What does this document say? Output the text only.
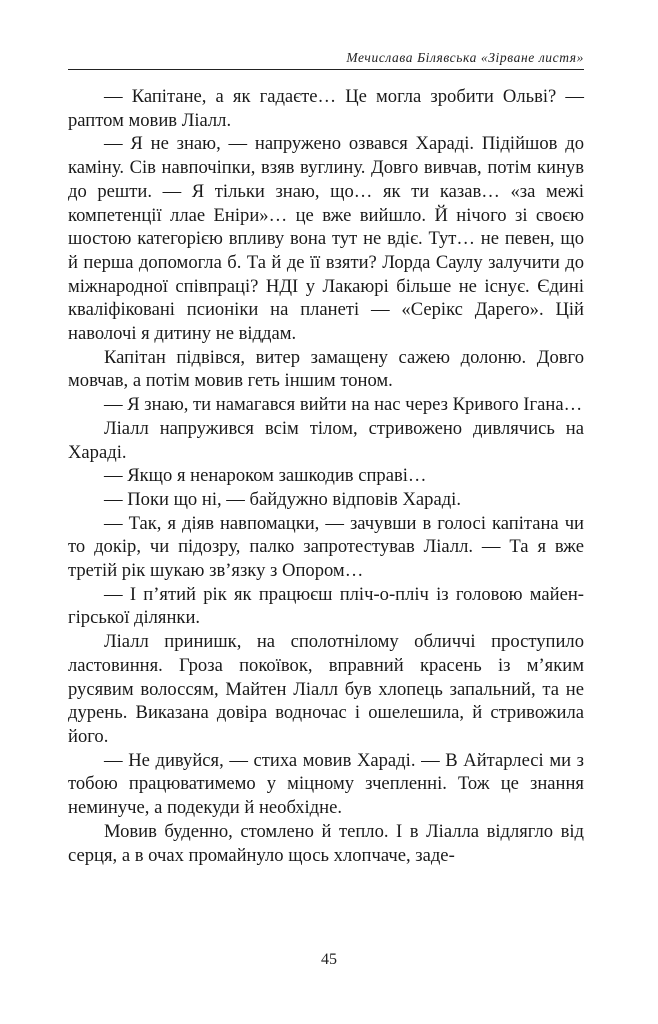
Мечислава Білявська «Зірване листя»

— Капітане, а як гадаєте… Це могла зробити Ольві? — раптом мовив Ліалл.

— Я не знаю, — напружено озвався Хараді. Підійшов до каміну. Сів навпочіпки, взяв вуглину. Довго вивчав, потім кинув до решти. — Я тільки знаю, що… як ти казав… «за межі компетенції ллае Еніри»… це вже вийшло. Й нічого зі своєю шостою категорією впливу вона тут не вдіє. Тут… не певен, що й перша допомогла б. Та й де її взяти? Лорда Саулу залучити до міжнародної співпраці? НДІ у Лакаюрі більше не існує. Єдині кваліфіковані псионіки на планеті — «Серікс Дарего». Цій наволочі я дитину не віддам.

Капітан підвівся, витер замащену сажею долоню. Довго мовчав, а потім мовив геть іншим тоном.

— Я знаю, ти намагався вийти на нас через Кривого Ігана…

Ліалл напружився всім тілом, стривожено дивлячись на Хараді.

— Якщо я ненароком зашкодив справі…

— Поки що ні, — байдужно відповів Хараді.

— Так, я діяв навпомацки, — зачувши в голосі капітана чи то докір, чи підозру, палко запротестував Ліалл. — Та я вже третій рік шукаю зв’язку з Опором…

— І п’ятий рік як працюєш пліч-о-пліч із головою майен-гірської ділянки.

Ліалл принишк, на сполотнілому обличчі проступило ластовиння. Гроза покоївок, вправний красень із м’яким русявим волоссям, Майтен Ліалл був хлопець запальний, та не дурень. Виказана довіра водночас і ошелешила, й стривожила його.

— Не дивуйся, — стиха мовив Хараді. — В Айтарлесі ми з тобою працюватимемо у міцному зчепленні. Тож це знання неминуче, а подекуди й необхідне.

Мовив буденно, стомлено й тепло. І в Ліалла відлягло від серця, а в очах промайнуло щось хлопчаче, заде-

45
